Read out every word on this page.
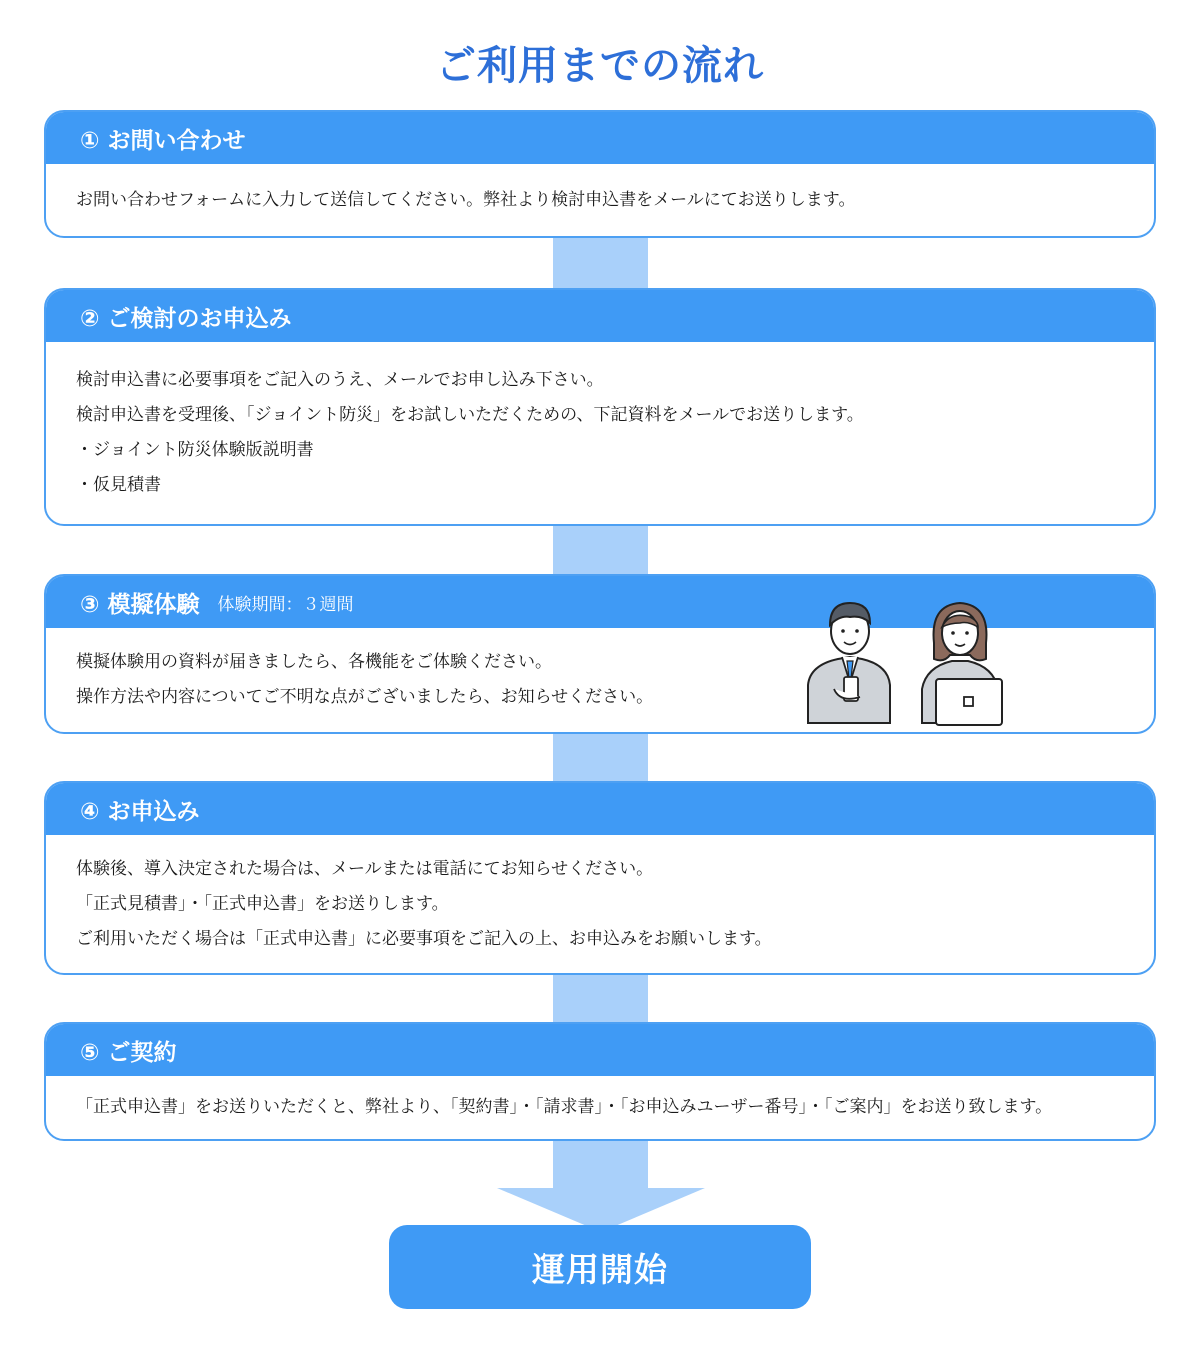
ご利用までの流れ
① お問い合わせ

お問い合わせフォームに入力して送信してください。弊社より検討申込書をメールにてお送りします。

② ご検討のお申込み

検討申込書に必要事項をご記入のうえ、メールでお申し込み下さい。

検討申込書を受理後、「ジョイント防災」をお試しいただくための、下記資料をメールでお送りします。

・ジョイント防災体験版説明書

・仮見積書

③ 模擬体験 体験期間：３週間

模擬体験用の資料が届きましたら、各機能をご体験ください。

操作方法や内容についてご不明な点がございましたら、お知らせください。

④ お申込み

体験後、導入決定された場合は、メールまたは電話にてお知らせください。

「正式見積書」・「正式申込書」をお送りします。

ご利用いただく場合は「正式申込書」に必要事項をご記入の上、お申込みをお願いします。

⑤ ご契約

「正式申込書」をお送りいただくと、弊社より、「契約書」・「請求書」・「お申込みユーザー番号」・「ご案内」をお送り致します。

運用開始
